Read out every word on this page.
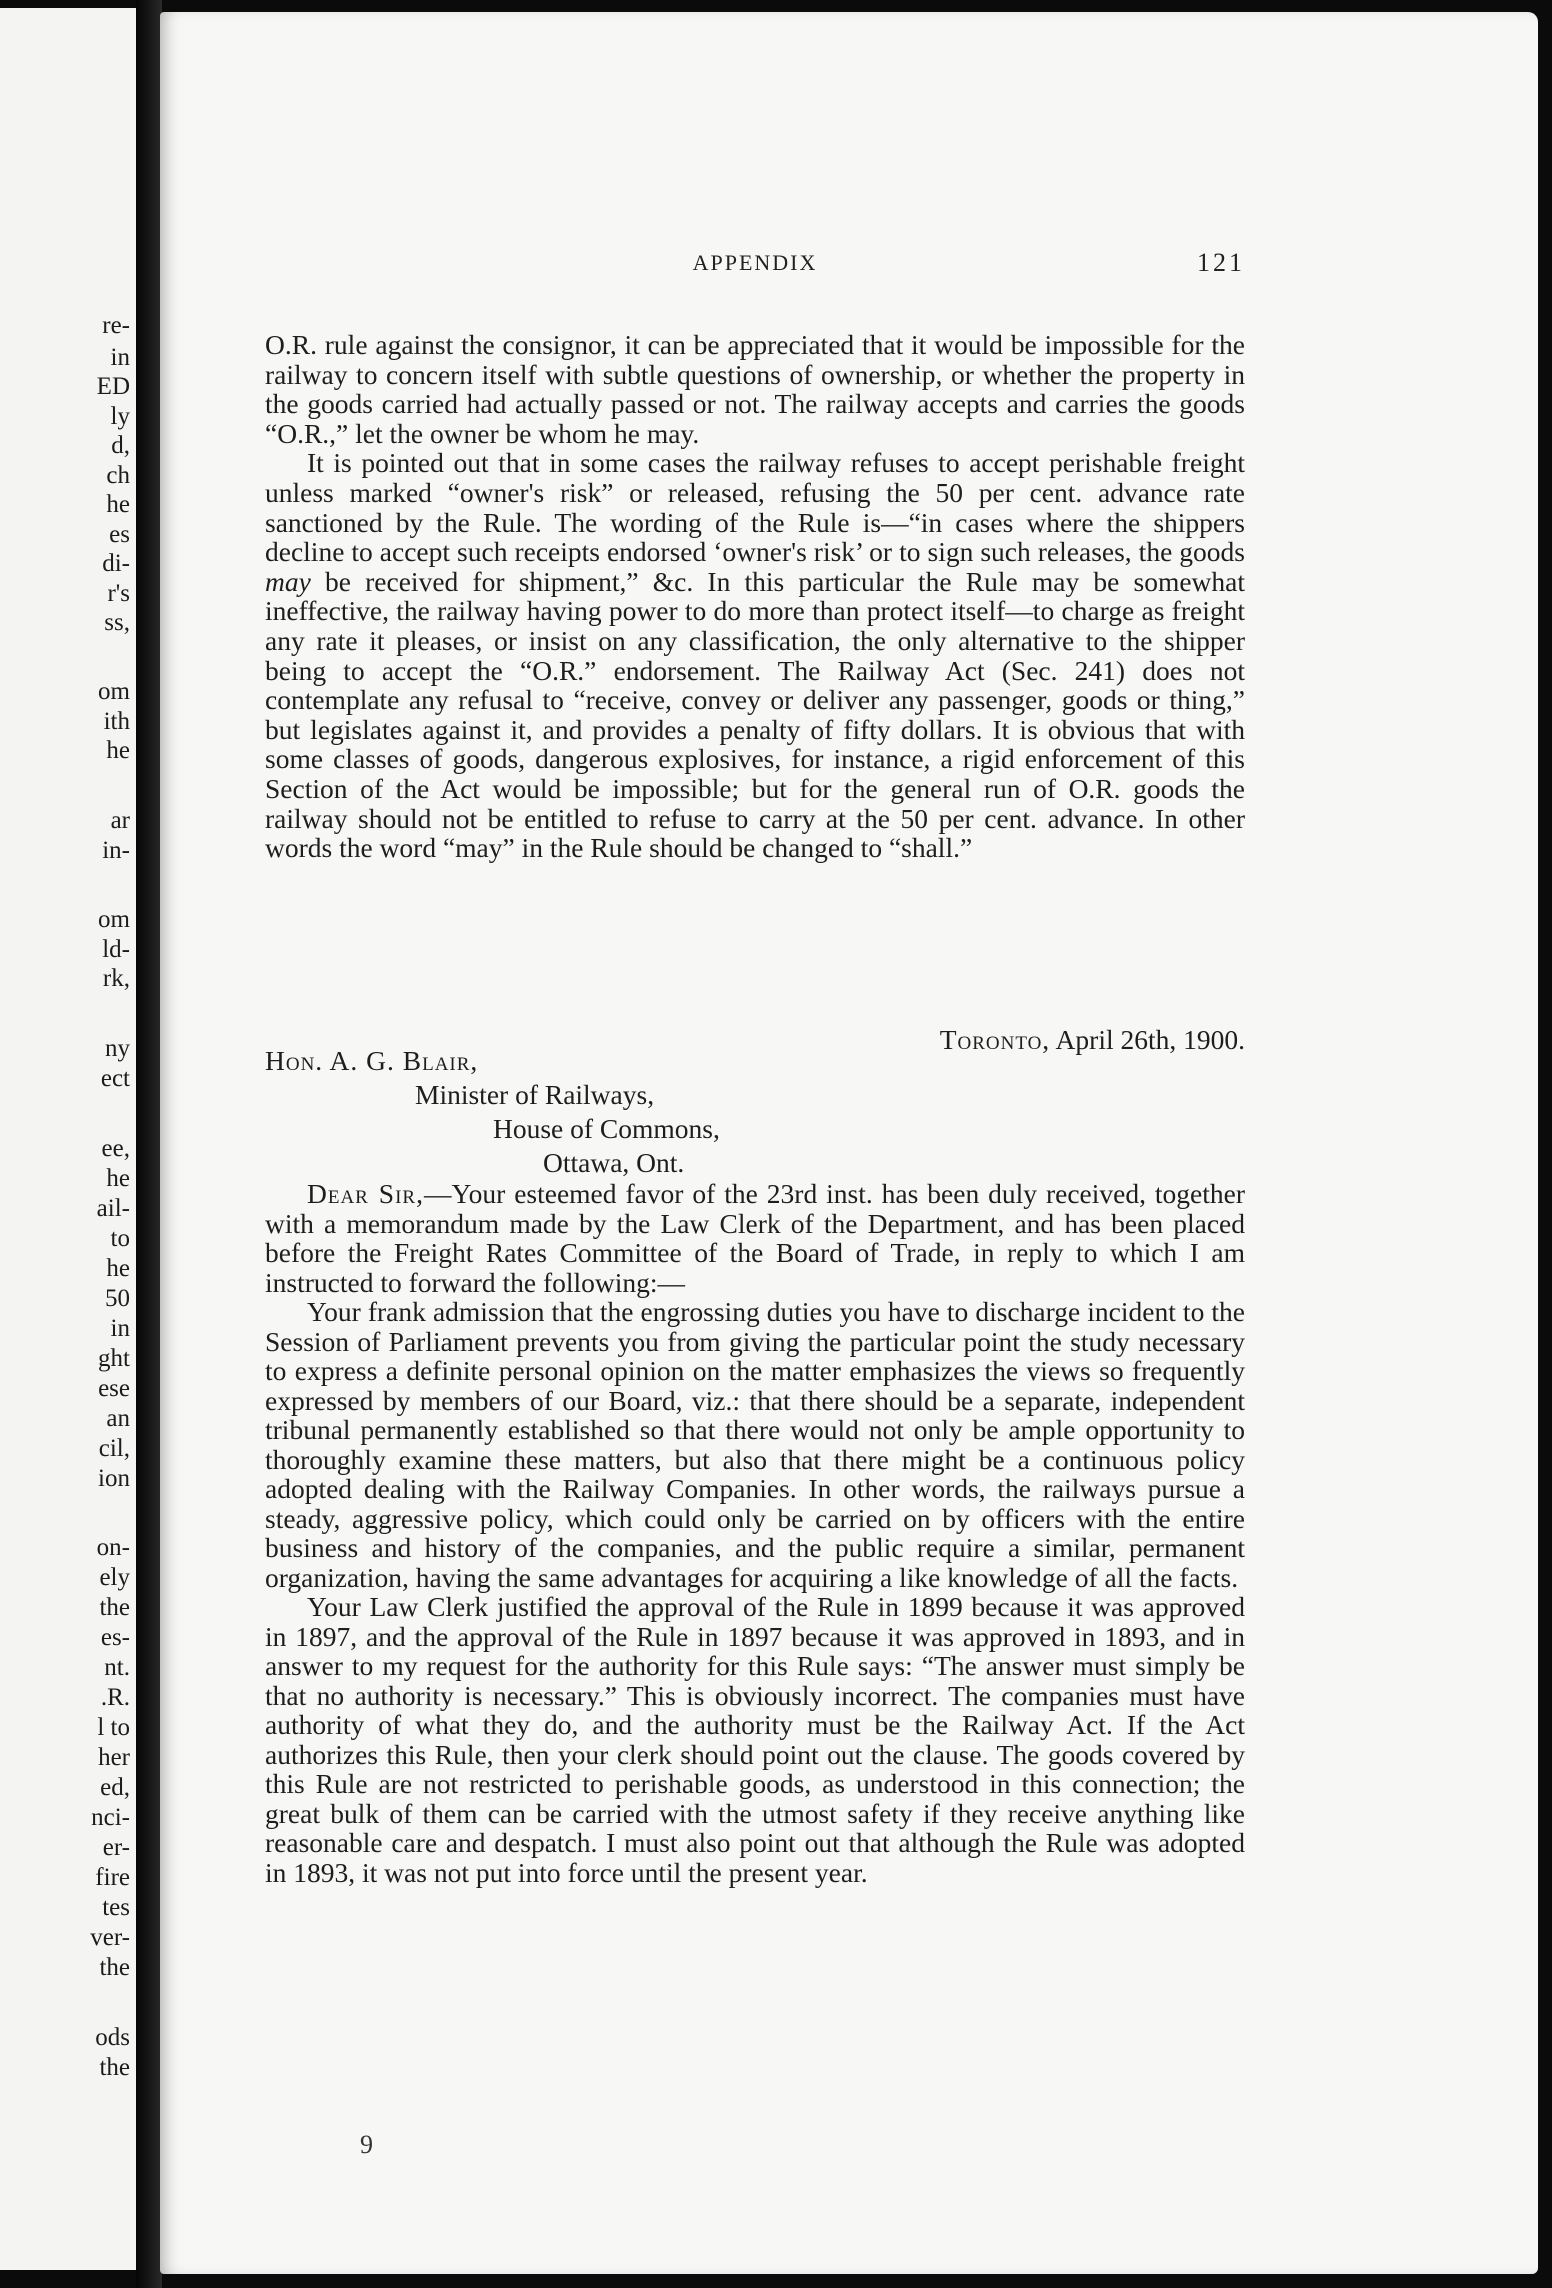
re-
in
ED
ly
d,
ch
he
es
di-
r's
ss,
om
ith
he
ar
in-
om
ld-
rk,
ny
ect
ee,
he
ail-
to
he
50
in
ght
ese
an
cil,
ion
on-
ely
the
es-
nt.
.R.
l to
her
ed,
nci-
er-
fire
tes
ver-
the
ods
the
APPENDIX	121

O.R. rule against the consignor, it can be appreciated that it would be impossible for the railway to concern itself with subtle questions of ownership, or whether the property in the goods carried had actually passed or not. The railway accepts and carries the goods “O.R.,” let the owner be whom he may.

It is pointed out that in some cases the railway refuses to accept perishable freight unless marked “owner's risk” or released, refusing the 50 per cent. advance rate sanctioned by the Rule. The wording of the Rule is—“in cases where the shippers decline to accept such receipts endorsed ‘owner's risk’ or to sign such releases, the goods may be received for shipment,” &c. In this particular the Rule may be somewhat ineffective, the railway having power to do more than protect itself—to charge as freight any rate it pleases, or insist on any classification, the only alternative to the shipper being to accept the “O.R.” endorsement. The Railway Act (Sec. 241) does not contemplate any refusal to “receive, convey or deliver any passenger, goods or thing,” but legislates against it, and provides a penalty of fifty dollars. It is obvious that with some classes of goods, dangerous explosives, for instance, a rigid enforcement of this Section of the Act would be impossible; but for the general run of O.R. goods the railway should not be entitled to refuse to carry at the 50 per cent. advance. In other words the word “may” in the Rule should be changed to “shall.”

Toronto, April 26th, 1900.
Hon. A. G. Blair,
Minister of Railways,
House of Commons,
Ottawa, Ont.

Dear Sir,—Your esteemed favor of the 23rd inst. has been duly received, together with a memorandum made by the Law Clerk of the Department, and has been placed before the Freight Rates Committee of the Board of Trade, in reply to which I am instructed to forward the following:—

Your frank admission that the engrossing duties you have to discharge incident to the Session of Parliament prevents you from giving the particular point the study necessary to express a definite personal opinion on the matter emphasizes the views so frequently expressed by members of our Board, viz.: that there should be a separate, independent tribunal permanently established so that there would not only be ample opportunity to thoroughly examine these matters, but also that there might be a continuous policy adopted dealing with the Railway Companies. In other words, the railways pursue a steady, aggressive policy, which could only be carried on by officers with the entire business and history of the companies, and the public require a similar, permanent organization, having the same advantages for acquiring a like knowledge of all the facts.

Your Law Clerk justified the approval of the Rule in 1899 because it was approved in 1897, and the approval of the Rule in 1897 because it was approved in 1893, and in answer to my request for the authority for this Rule says: “The answer must simply be that no authority is necessary.” This is obviously incorrect. The companies must have authority of what they do, and the authority must be the Railway Act. If the Act authorizes this Rule, then your clerk should point out the clause. The goods covered by this Rule are not restricted to perishable goods, as understood in this connection; the great bulk of them can be carried with the utmost safety if they receive anything like reasonable care and despatch. I must also point out that although the Rule was adopted in 1893, it was not put into force until the present year.

9
